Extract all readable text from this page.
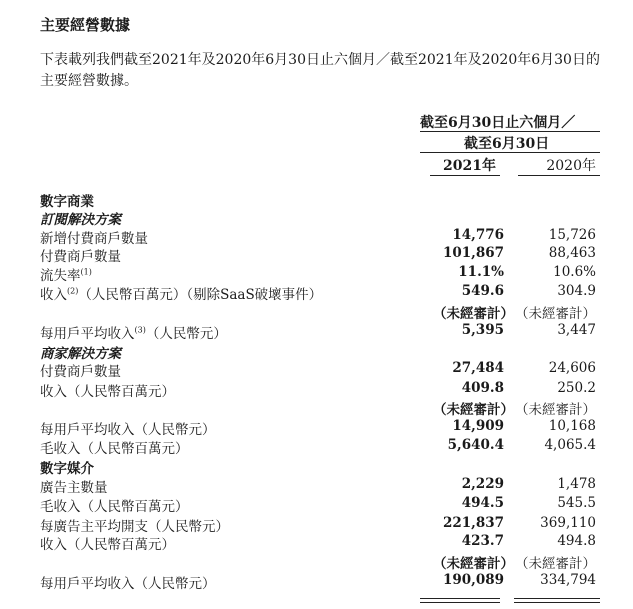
主要經營數據
下表載列我們截至2021年及2020年6月30日止六個月／截至2021年及2020年6月30日的主要經營數據。
截至6月30日止六個月／
截至6月30日
2021年	2020年
數字商業
訂閱解決方案
新增付費商戶數量	14,776	15,726
付費商戶數量	101,867	88,463
流失率$^{(1)}$	11.1%	10.6%
收入$^{(2)}$（人民幣百萬元）（剔除SaaS破壞事件）	549.6	304.9
（未經審計） （未經審計）
每用戶平均收入$^{(3)}$（人民幣元）	5,395	3,447
商家解決方案
付費商戶數量	27,484	24,606
收入（人民幣百萬元）	409.8	250.2
（未經審計） （未經審計）
每用戶平均收入（人民幣元）	14,909	10,168
毛收入（人民幣百萬元）	5,640.4	4,065.4
數字媒介
廣告主數量	2,229	1,478
毛收入（人民幣百萬元）	494.5	545.5
每廣告主平均開支（人民幣元）	221,837	369,110
收入（人民幣百萬元）	423.7	494.8
（未經審計） （未經審計）
每用戶平均收入（人民幣元）	190,089	334,794
